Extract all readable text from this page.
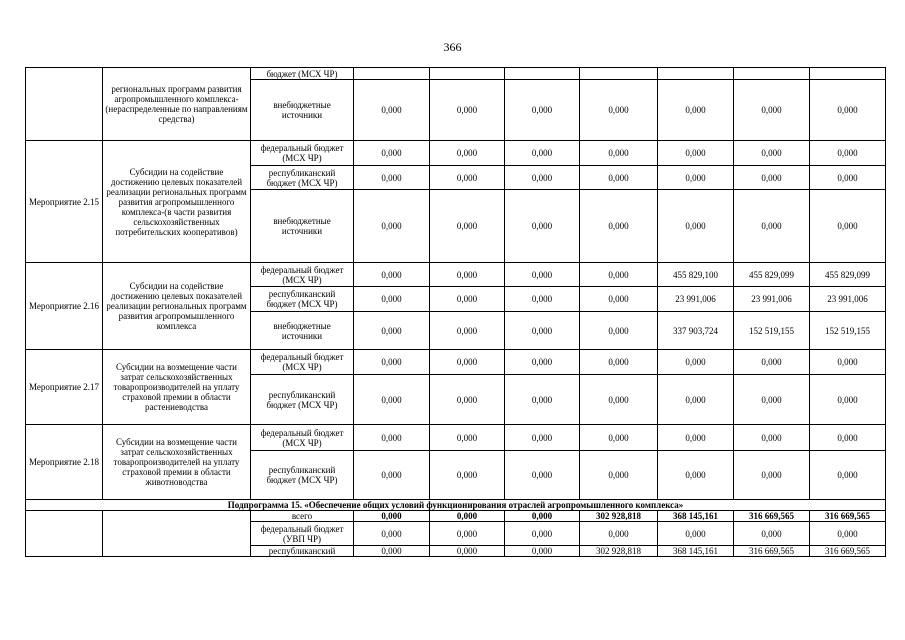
366
	региональных программ развития агропромышленного комплекса- (нераспределенные по направлениям средства)	бюджет (МСХ ЧР)							
		внебюджетные источники	0,000	0,000	0,000	0,000	0,000	0,000	0,000
Мероприятие 2.15	Субсидии на содействие достижению целевых показателей реализации региональных программ развития агропромышленного комплекса-(в части развития сельскохозяйственных потребительских кооперативов)	федеральный бюджет (МСХ ЧР)	0,000	0,000	0,000	0,000	0,000	0,000	0,000
		республиканский бюджет (МСХ ЧР)	0,000	0,000	0,000	0,000	0,000	0,000	0,000
		внебюджетные источники	0,000	0,000	0,000	0,000	0,000	0,000	0,000
Мероприятие 2.16	Субсидии на содействие достижению целевых показателей реализации региональных программ развития агропромышленного комплекса	федеральный бюджет (МСХ ЧР)	0,000	0,000	0,000	0,000	455 829,100	455 829,099	455 829,099
		республиканский бюджет (МСХ ЧР)	0,000	0,000	0,000	0,000	23 991,006	23 991,006	23 991,006
		внебюджетные источники	0,000	0,000	0,000	0,000	337 903,724	152 519,155	152 519,155
Мероприятие 2.17	Субсидии на возмещение части затрат сельскохозяйственных товаропроизводителей на уплату страховой премии в области растениеводства	федеральный бюджет (МСХ ЧР)	0,000	0,000	0,000	0,000	0,000	0,000	0,000
		республиканский бюджет (МСХ ЧР)	0,000	0,000	0,000	0,000	0,000	0,000	0,000
Мероприятие 2.18	Субсидии на возмещение части затрат сельскохозяйственных товаропроизводителей на уплату страховой премии в области животноводства	федеральный бюджет (МСХ ЧР)	0,000	0,000	0,000	0,000	0,000	0,000	0,000
		республиканский бюджет (МСХ ЧР)	0,000	0,000	0,000	0,000	0,000	0,000	0,000
Подпрограмма 15. «Обеспечение общих условий функционирования отраслей агропромышленного комплекса»									
		всего	0,000	0,000	0,000	302 928,818	368 145,161	316 669,565	316 669,565
		федеральный бюджет (УВП ЧР)	0,000	0,000	0,000	0,000	0,000	0,000	0,000
		республиканский	0,000	0,000	0,000	302 928,818	368 145,161	316 669,565	316 669,565
